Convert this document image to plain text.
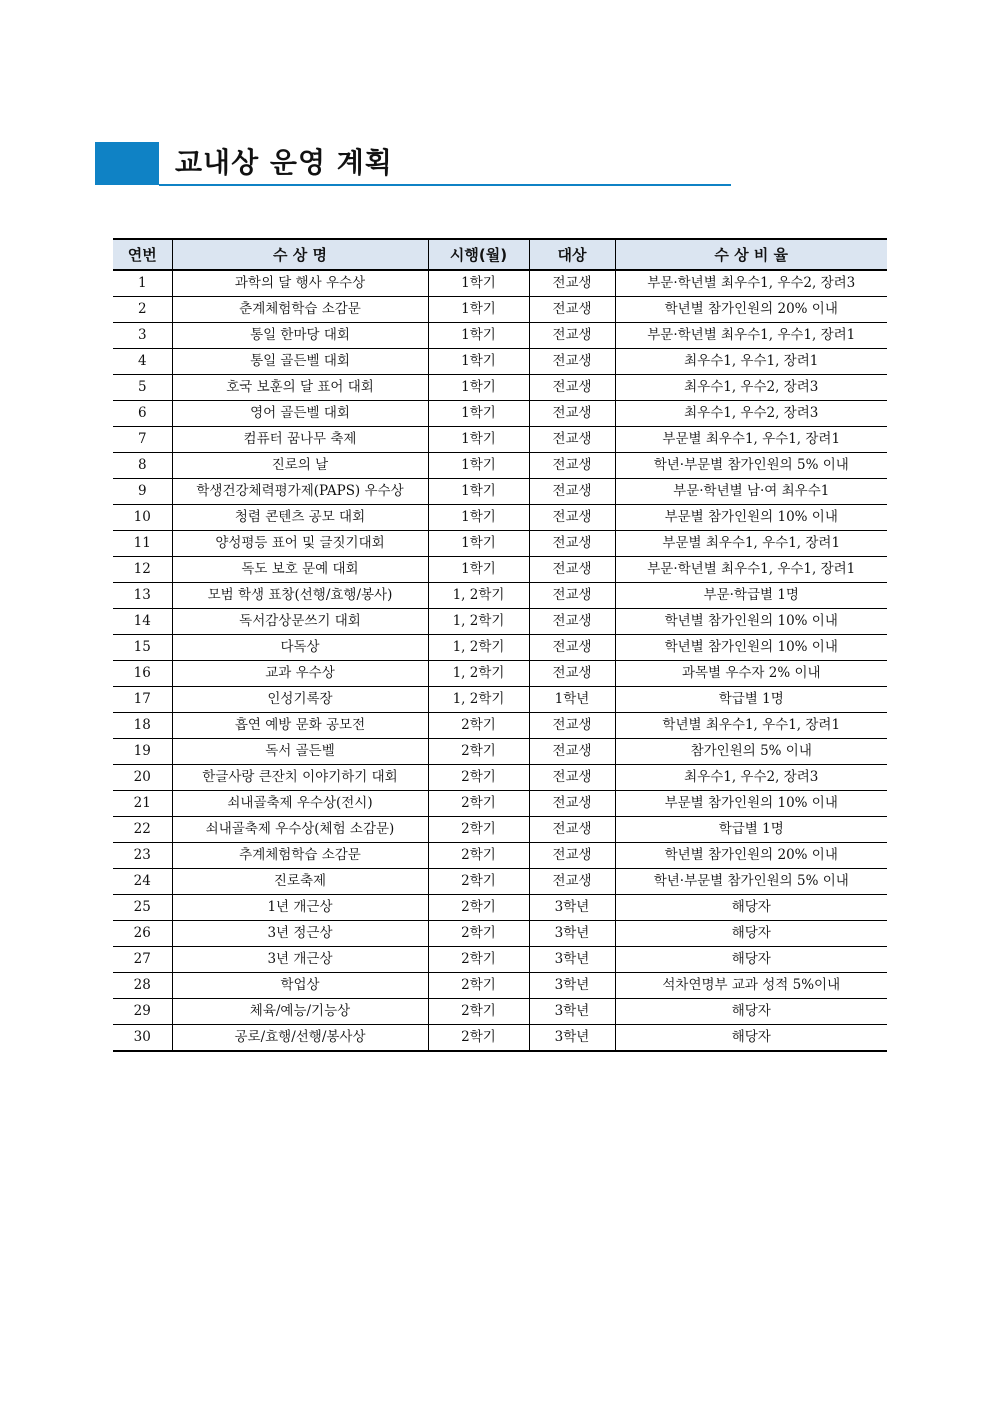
교내상 운영 계획
연번	수 상 명	시행(월)	대상	수 상 비 율
1	과학의 달 행사 우수상	1학기	전교생	부문·학년별 최우수1, 우수2, 장려3
2	춘계체험학습 소감문	1학기	전교생	학년별 참가인원의 20% 이내
3	통일 한마당 대회	1학기	전교생	부문·학년별 최우수1, 우수1, 장려1
4	통일 골든벨 대회	1학기	전교생	최우수1, 우수1, 장려1
5	호국 보훈의 달 표어 대회	1학기	전교생	최우수1, 우수2, 장려3
6	영어 골든벨 대회	1학기	전교생	최우수1, 우수2, 장려3
7	컴퓨터 꿈나무 축제	1학기	전교생	부문별 최우수1, 우수1, 장려1
8	진로의 날	1학기	전교생	학년·부문별 참가인원의 5% 이내
9	학생건강체력평가제(PAPS) 우수상	1학기	전교생	부문·학년별 남·여 최우수1
10	청렴 콘텐츠 공모 대회	1학기	전교생	부문별 참가인원의 10% 이내
11	양성평등 표어 및 글짓기대회	1학기	전교생	부문별 최우수1, 우수1, 장려1
12	독도 보호 문예 대회	1학기	전교생	부문·학년별 최우수1, 우수1, 장려1
13	모범 학생 표창(선행/효행/봉사)	1, 2학기	전교생	부문·학급별 1명
14	독서감상문쓰기 대회	1, 2학기	전교생	학년별 참가인원의 10% 이내
15	다독상	1, 2학기	전교생	학년별 참가인원의 10% 이내
16	교과 우수상	1, 2학기	전교생	과목별 우수자 2% 이내
17	인성기록장	1, 2학기	1학년	학급별 1명
18	흡연 예방 문화 공모전	2학기	전교생	학년별 최우수1, 우수1, 장려1
19	독서 골든벨	2학기	전교생	참가인원의 5% 이내
20	한글사랑 큰잔치 이야기하기 대회	2학기	전교생	최우수1, 우수2, 장려3
21	쇠내골축제 우수상(전시)	2학기	전교생	부문별 참가인원의 10% 이내
22	쇠내골축제 우수상(체험 소감문)	2학기	전교생	학급별 1명
23	추계체험학습 소감문	2학기	전교생	학년별 참가인원의 20% 이내
24	진로축제	2학기	전교생	학년·부문별 참가인원의 5% 이내
25	1년 개근상	2학기	3학년	해당자
26	3년 정근상	2학기	3학년	해당자
27	3년 개근상	2학기	3학년	해당자
28	학업상	2학기	3학년	석차연명부 교과 성적 5%이내
29	체육/예능/기능상	2학기	3학년	해당자
30	공로/효행/선행/봉사상	2학기	3학년	해당자
